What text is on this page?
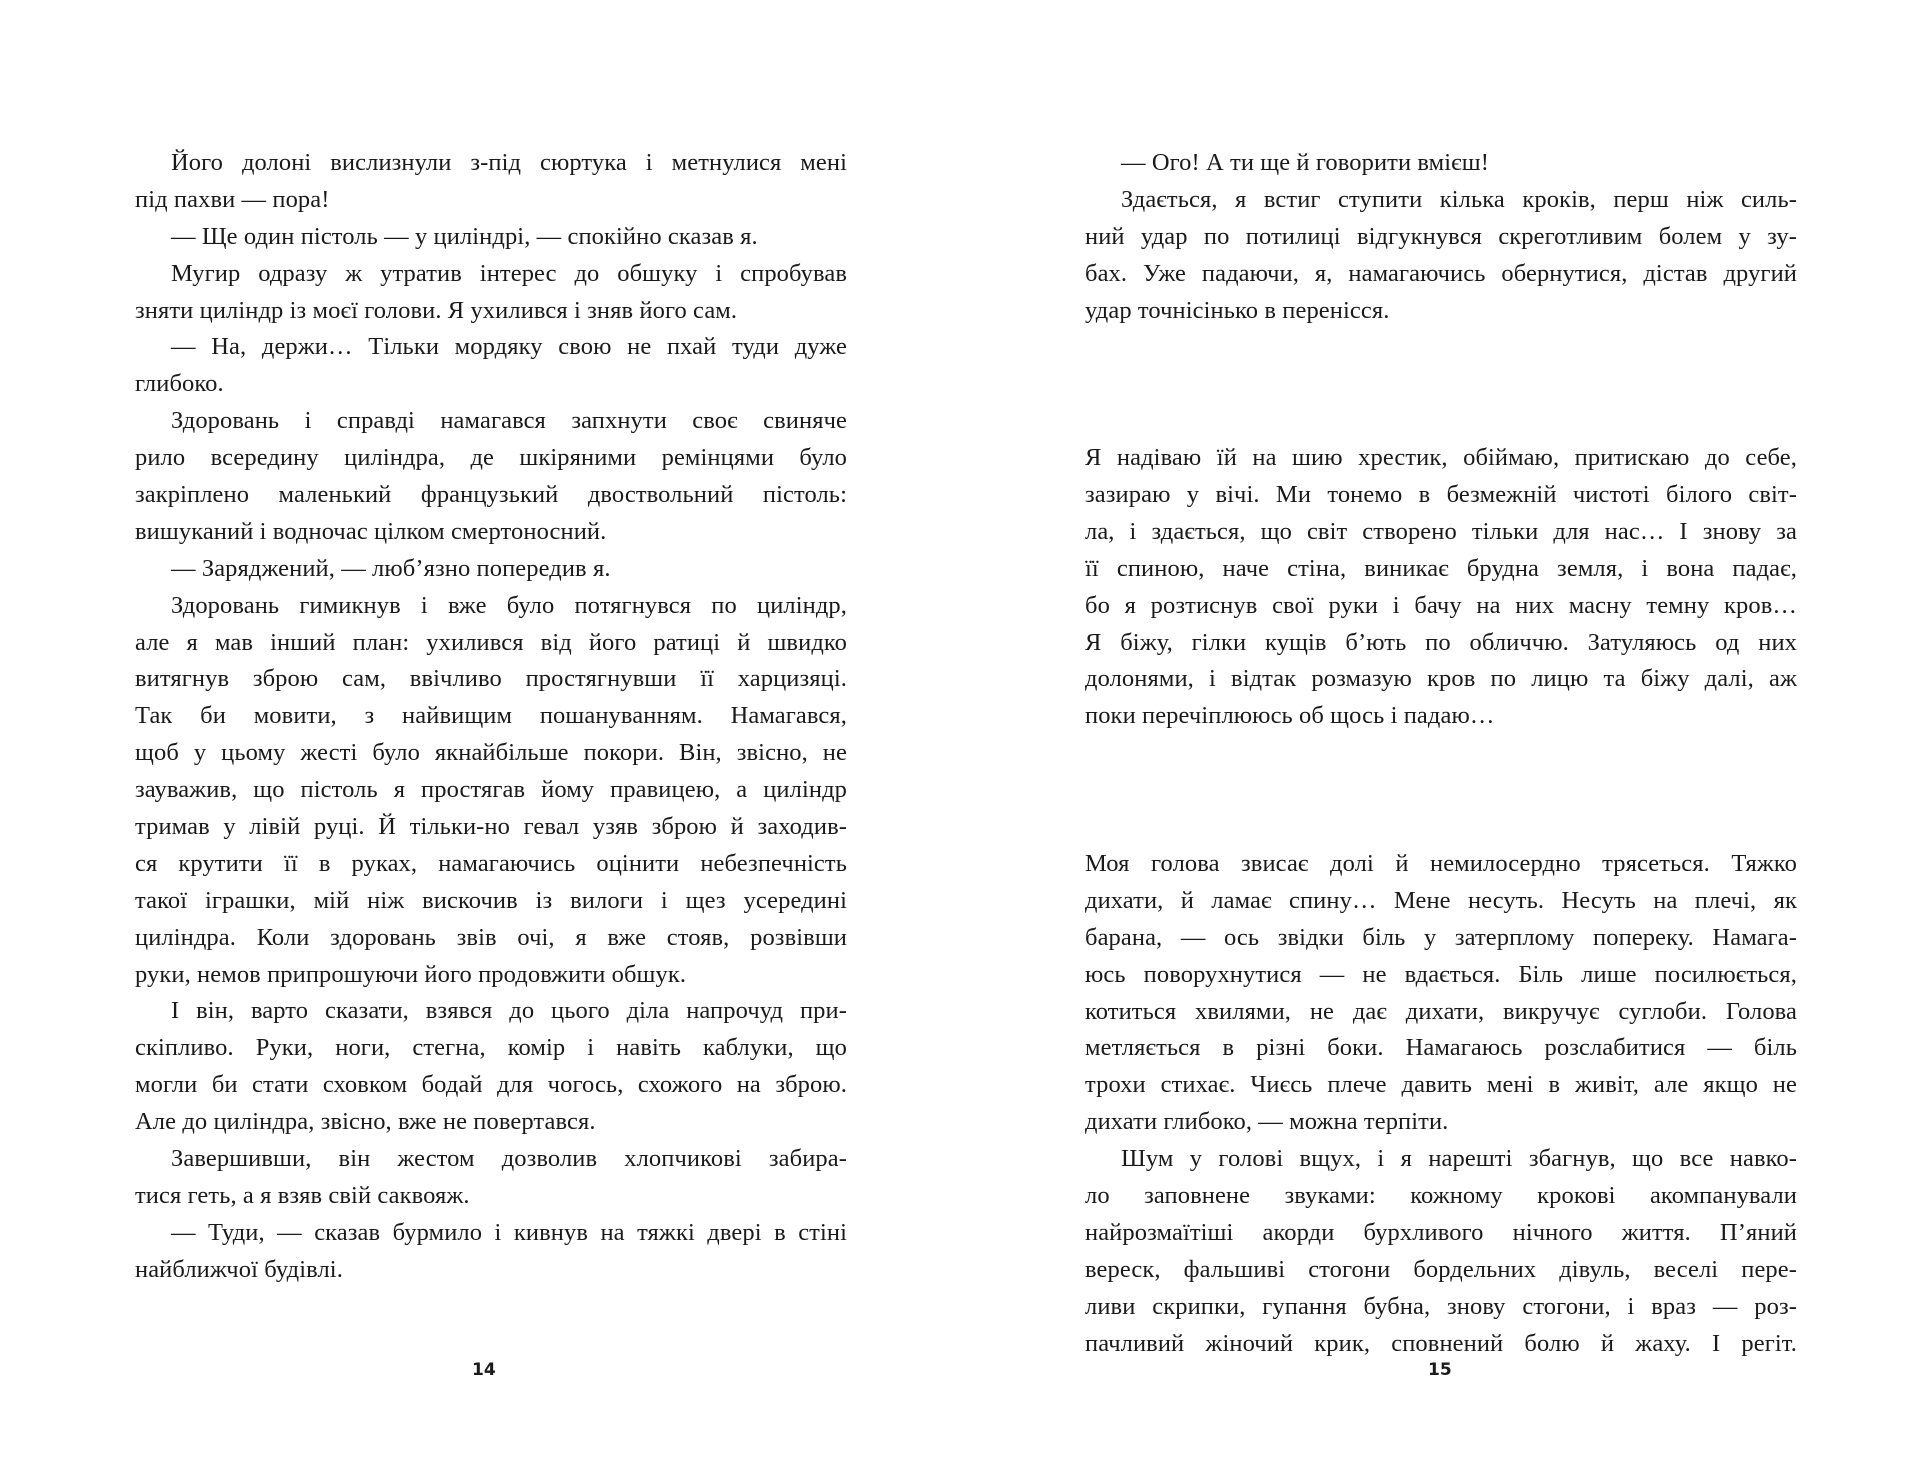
Його долоні вислизнули з-під сюртука і метнулися мені
під пахви — пора!
— Ще один пістоль — у циліндрі, — спокійно сказав я.
Мугир одразу ж утратив інтерес до обшуку і спробував
зняти циліндр із моєї голови. Я ухилився і зняв його сам.
— На, держи… Тільки мордяку свою не пхай туди дуже
глибоко.
Здоровань і справді намагався запхнути своє свиняче
рило всередину циліндра, де шкіряними ремінцями було
закріплено маленький французький двоствольний пістоль:
вишуканий і водночас цілком смертоносний.
— Заряджений, — люб’язно попередив я.
Здоровань гимикнув і вже було потягнувся по циліндр,
але я мав інший план: ухилився від його ратиці й швидко
витягнув зброю сам, ввічливо простягнувши її харцизяці.
Так би мовити, з найвищим пошануванням. Намагався,
щоб у цьому жесті було якнайбільше покори. Він, звісно, не
зауважив, що пістоль я простягав йому правицею, а циліндр
тримав у лівій руці. Й тільки-но гевал узяв зброю й заходив-
ся крутити її в руках, намагаючись оцінити небезпечність
такої іграшки, мій ніж вискочив із вилоги і щез усередині
циліндра. Коли здоровань звів очі, я вже стояв, розвівши
руки, немов припрошуючи його продовжити обшук.
І він, варто сказати, взявся до цього діла напрочуд при-
скіпливо. Руки, ноги, стегна, комір і навіть каблуки, що
могли би стати сховком бодай для чогось, схожого на зброю.
Але до циліндра, звісно, вже не повертався.
Завершивши, він жестом дозволив хлопчикові забира-
тися геть, а я взяв свій саквояж.
— Туди, — сказав бурмило і кивнув на тяжкі двері в стіні
найближчої будівлі.
14
— Ого! А ти ще й говорити вмієш!
Здається, я встиг ступити кілька кроків, перш ніж силь-
ний удар по потилиці відгукнувся скреготливим болем у зу-
бах. Уже падаючи, я, намагаючись обернутися, дістав другий
удар точнісінько в перенісся.
Я надіваю їй на шию хрестик, обіймаю, притискаю до себе,
зазираю у вічі. Ми тонемо в безмежній чистоті білого світ-
ла, і здається, що світ створено тільки для нас… І знову за
її спиною, наче стіна, виникає брудна земля, і вона падає,
бо я розтиснув свої руки і бачу на них масну темну кров…
Я біжу, гілки кущів б’ють по обличчю. Затуляюсь од них
долонями, і відтак розмазую кров по лицю та біжу далі, аж
поки перечіплююсь об щось і падаю…
Моя голова звисає долі й немилосердно трясеться. Тяжко
дихати, й ламає спину… Мене несуть. Несуть на плечі, як
барана, — ось звідки біль у затерплому попереку. Намага-
юсь поворухнутися — не вдається. Біль лише посилюється,
котиться хвилями, не дає дихати, викручує суглоби. Голова
метляється в різні боки. Намагаюсь розслабитися — біль
трохи стихає. Чиєсь плече давить мені в живіт, але якщо не
дихати глибоко, — можна терпіти.
Шум у голові вщух, і я нарешті збагнув, що все навко-
ло заповнене звуками: кожному крокові акомпанували
найрозмаїтіші акорди бурхливого нічного життя. П’яний
вереск, фальшиві стогони бордельних дівуль, веселі пере-
ливи скрипки, гупання бубна, знову стогони, і враз — роз-
пачливий жіночий крик, сповнений болю й жаху. І регіт.
15
